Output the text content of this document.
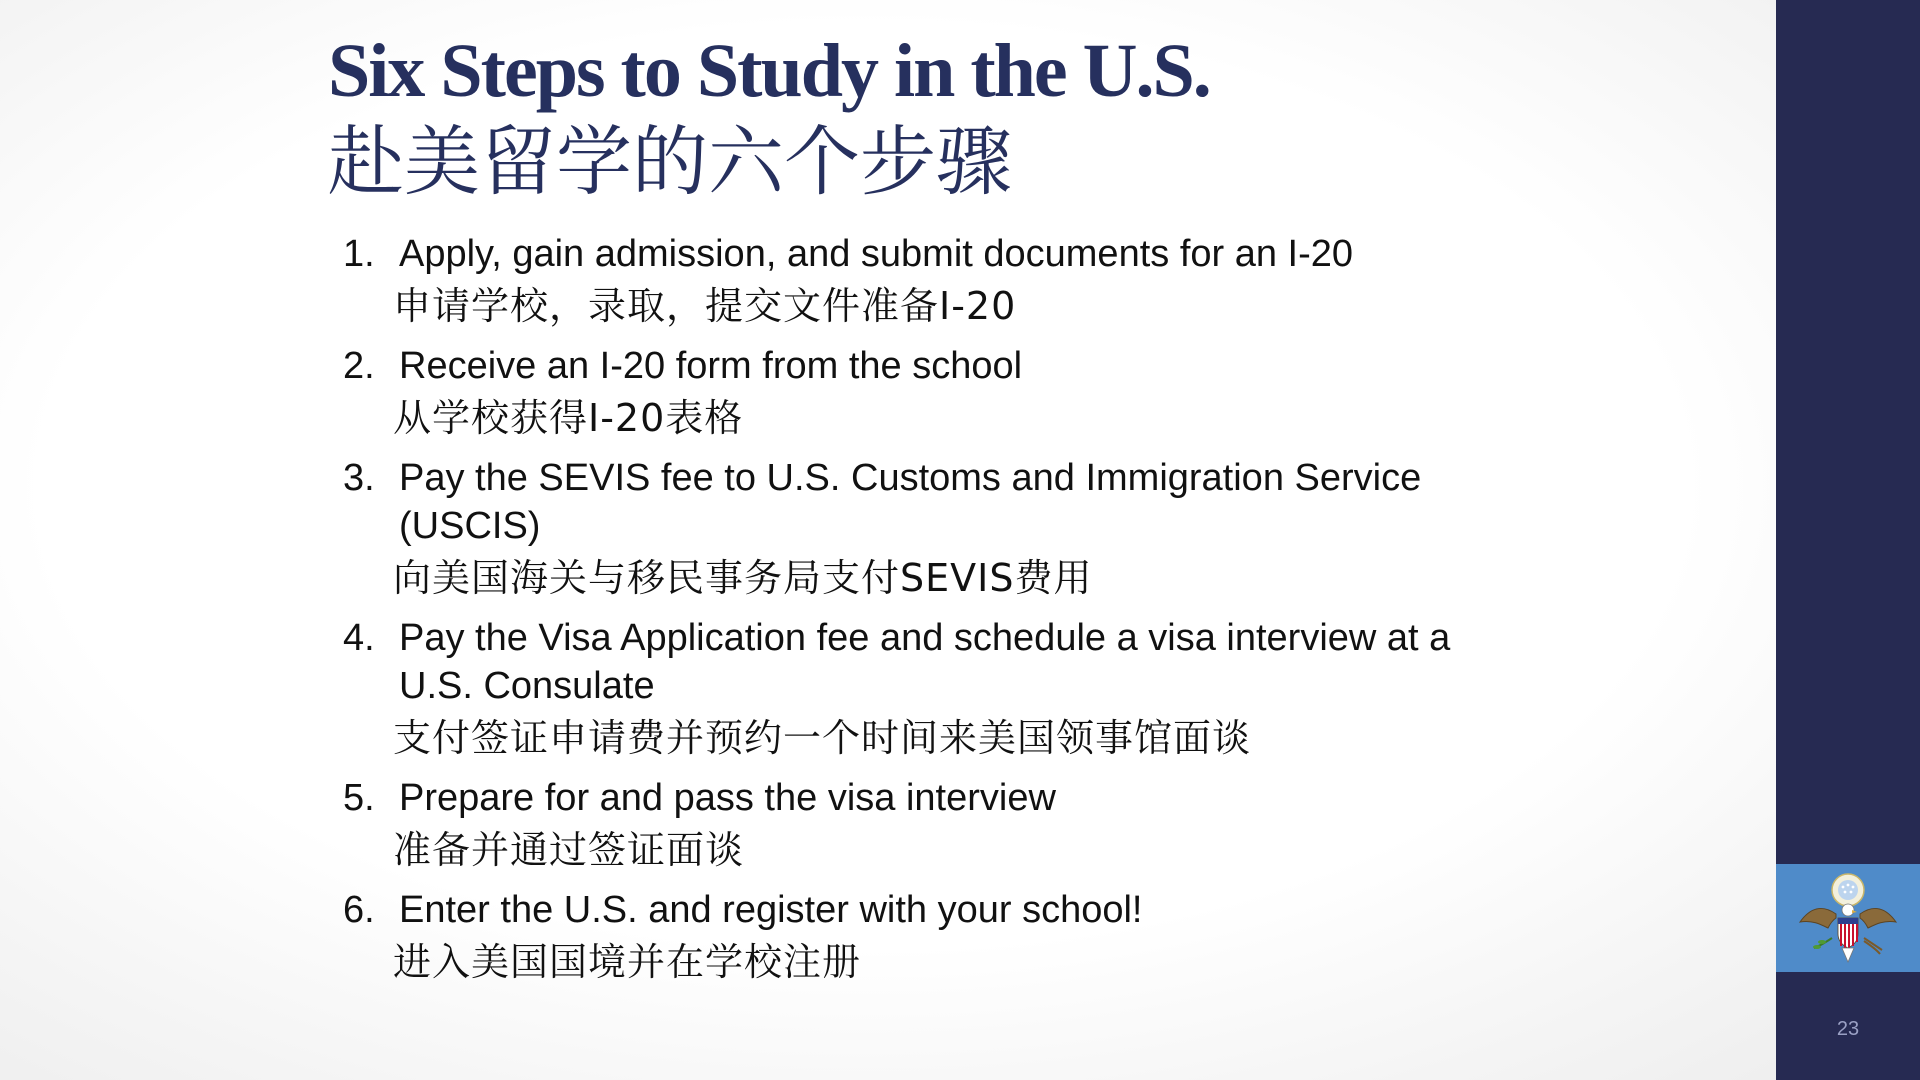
Six Steps to Study in the U.S.
赴美留学的六个步骤
1. Apply, gain admission, and submit documents for an I-20
申请学校，录取，提交文件准备I-20
2. Receive an I-20 form from the school
从学校获得I-20表格
3. Pay the SEVIS fee to U.S. Customs and Immigration Service (USCIS)
向美国海关与移民事务局支付SEVIS费用
4. Pay the Visa Application fee and schedule a visa interview at a U.S. Consulate
支付签证申请费并预约一个时间来美国领事馆面谈
5. Prepare for and pass the visa interview
准备并通过签证面谈
6. Enter the U.S. and register with your school!
进入美国国境并在学校注册
23
